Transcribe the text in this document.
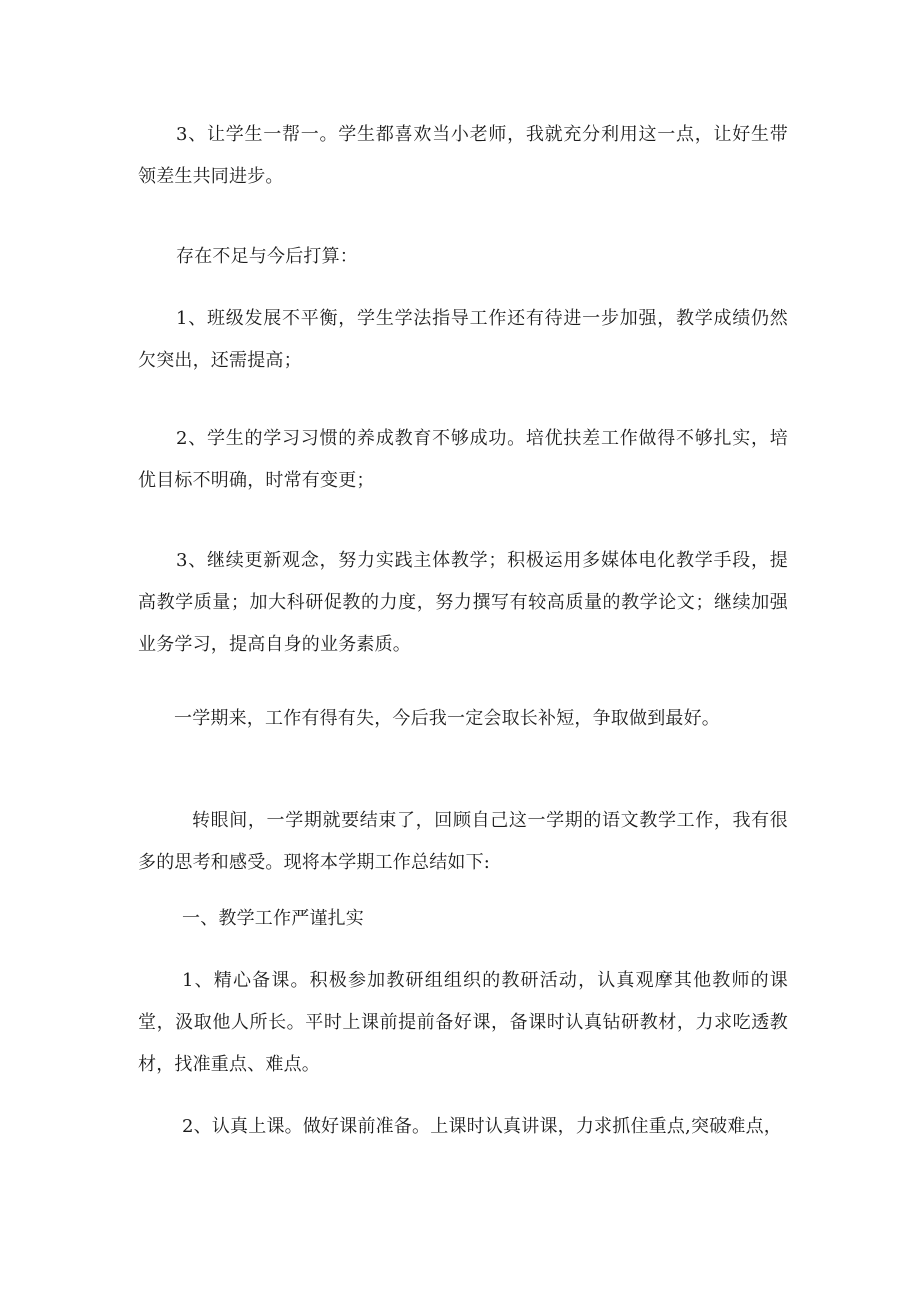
3、让学生一帮一。学生都喜欢当小老师，我就充分利用这一点，让好生带领差生共同进步。

存在不足与今后打算：

1、班级发展不平衡，学生学法指导工作还有待进一步加强，教学成绩仍然欠突出，还需提高；

2、学生的学习习惯的养成教育不够成功。培优扶差工作做得不够扎实，培优目标不明确，时常有变更；

3、继续更新观念，努力实践主体教学；积极运用多媒体电化教学手段，提高教学质量；加大科研促教的力度，努力撰写有较高质量的教学论文；继续加强业务学习，提高自身的业务素质。

一学期来，工作有得有失，今后我一定会取长补短，争取做到最好。

转眼间，一学期就要结束了，回顾自己这一学期的语文教学工作，我有很多的思考和感受。现将本学期工作总结如下:

一、教学工作严谨扎实

1、精心备课。积极参加教研组组织的教研活动，认真观摩其他教师的课堂，汲取他人所长。平时上课前提前备好课，备课时认真钻研教材，力求吃透教材，找准重点、难点。

2、认真上课。做好课前准备。上课时认真讲课，力求抓住重点,突破难点，
